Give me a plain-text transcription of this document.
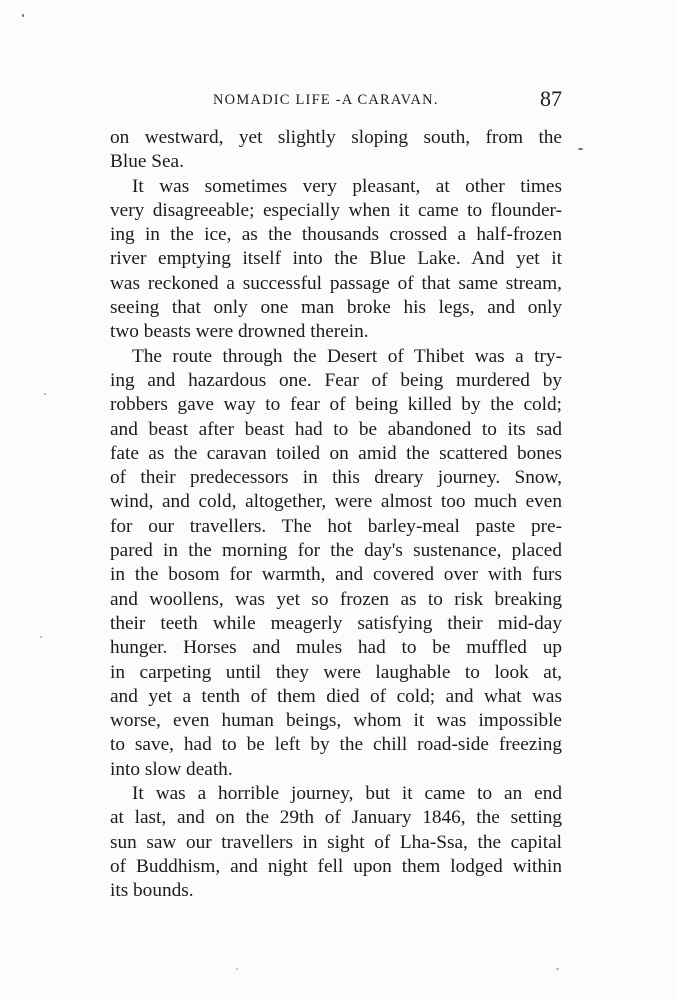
NOMADIC LIFE -A CARAVAN.	87
on westward, yet slightly sloping south, from the
Blue Sea.
It was sometimes very pleasant, at other times
very disagreeable; especially when it came to flounder-
ing in the ice, as the thousands crossed a half-frozen
river emptying itself into the Blue Lake. And yet it
was reckoned a successful passage of that same stream,
seeing that only one man broke his legs, and only
two beasts were drowned therein.
The route through the Desert of Thibet was a try-
ing and hazardous one. Fear of being murdered by
robbers gave way to fear of being killed by the cold;
and beast after beast had to be abandoned to its sad
fate as the caravan toiled on amid the scattered bones
of their predecessors in this dreary journey. Snow,
wind, and cold, altogether, were almost too much even
for our travellers. The hot barley-meal paste pre-
pared in the morning for the day's sustenance, placed
in the bosom for warmth, and covered over with furs
and woollens, was yet so frozen as to risk breaking
their teeth while meagerly satisfying their mid-day
hunger. Horses and mules had to be muffled up
in carpeting until they were laughable to look at,
and yet a tenth of them died of cold; and what was
worse, even human beings, whom it was impossible
to save, had to be left by the chill road-side freezing
into slow death.
It was a horrible journey, but it came to an end
at last, and on the 29th of January 1846, the setting
sun saw our travellers in sight of Lha-Ssa, the capital
of Buddhism, and night fell upon them lodged within
its bounds.
